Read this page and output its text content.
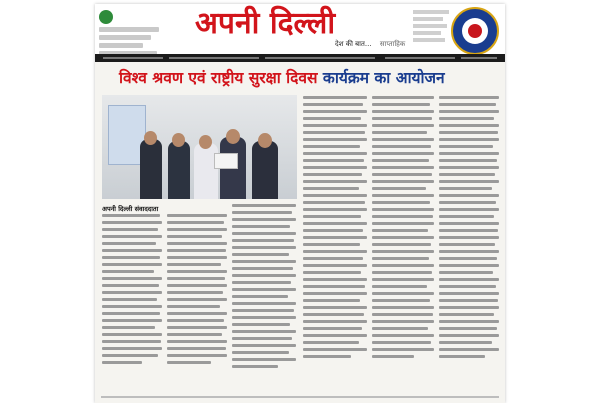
अपनी दिल्ली
देश की बात... साप्ताहिक
विश्व श्रवण एवं राष्ट्रीय सुरक्षा दिवस कार्यक्रम का आयोजन
अपनी दिल्ली संवाददाता
